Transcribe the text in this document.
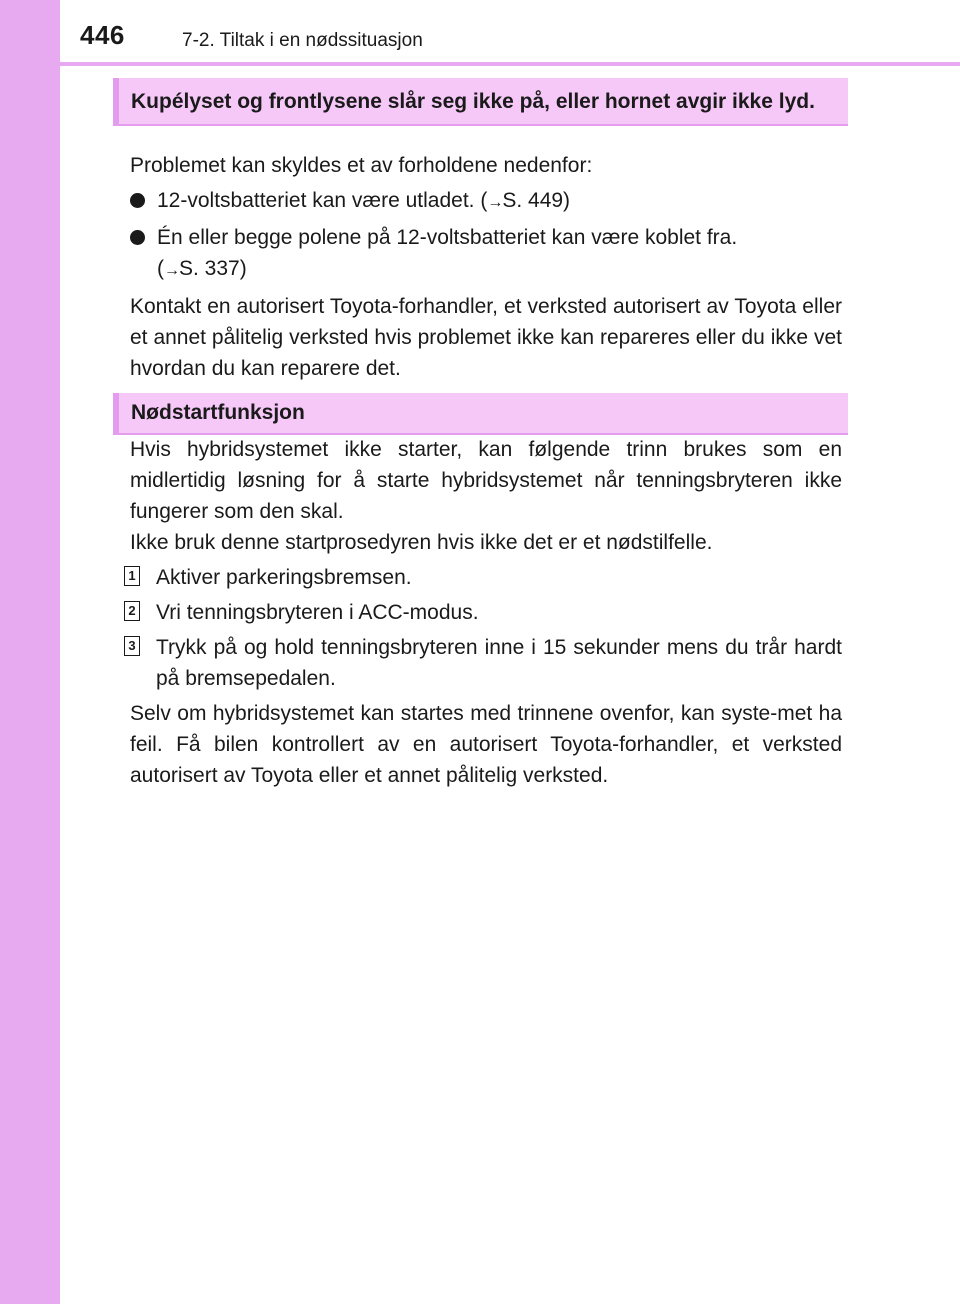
446	7-2. Tiltak i en nødssituasjon
Kupélyset og frontlysene slår seg ikke på, eller hornet avgir ikke lyd.

Problemet kan skyldes et av forholdene nedenfor:

12-voltsbatteriet kan være utladet. (→S. 449)

Én eller begge polene på 12-voltsbatteriet kan være koblet fra.
(→S. 337)

Kontakt en autorisert Toyota-forhandler, et verksted autorisert av Toyota eller et annet pålitelig verksted hvis problemet ikke kan repareres eller du ikke vet hvordan du kan reparere det.

Nødstartfunksjon

Hvis hybridsystemet ikke starter, kan følgende trinn brukes som en midlertidig løsning for å starte hybridsystemet når tenningsbryteren ikke fungerer som den skal.

Ikke bruk denne startprosedyren hvis ikke det er et nødstilfelle.

1 Aktiver parkeringsbremsen.

2 Vri tenningsbryteren i ACC-modus.

3 Trykk på og hold tenningsbryteren inne i 15 sekunder mens du trår hardt på bremsepedalen.

Selv om hybridsystemet kan startes med trinnene ovenfor, kan syste-met ha feil. Få bilen kontrollert av en autorisert Toyota-forhandler, et verksted autorisert av Toyota eller et annet pålitelig verksted.
